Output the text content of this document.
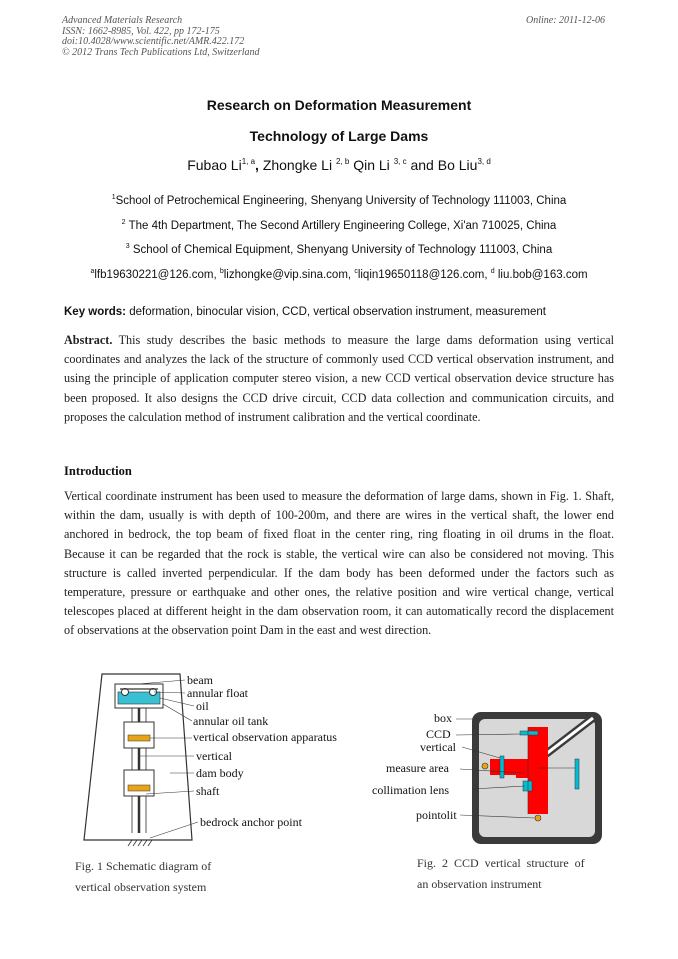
Advanced Materials Research
ISSN: 1662-8985, Vol. 422, pp 172-175
doi:10.4028/www.scientific.net/AMR.422.172
© 2012 Trans Tech Publications Ltd, Switzerland
Online: 2011-12-06
Research on Deformation Measurement
Technology of Large Dams
Fubao Li$^{1, a}$, Zhongke Li $^{2, b}$ Qin Li $^{3, c}$ and Bo Liu$^{3, d}$
$^1$School of Petrochemical Engineering, Shenyang University of Technology 111003, China
$^2$ The 4th Department, The Second Artillery Engineering College, Xi'an 710025, China
$^3$ School of Chemical Equipment, Shenyang University of Technology 111003, China
$^a$lfb19630221@126.com, $^b$lizhongke@vip.sina.com, $^c$liqin19650118@126.com, $^d$ liu.bob@163.com
Key words: deformation, binocular vision, CCD, vertical observation instrument, measurement
Abstract. This study describes the basic methods to measure the large dams deformation using vertical coordinates and analyzes the lack of the structure of commonly used CCD vertical observation instrument, and using the principle of application computer stereo vision, a new CCD vertical observation device structure has been proposed. It also designs the CCD drive circuit, CCD data collection and communication circuits, and proposes the calculation method of instrument calibration and the vertical coordinate.
Introduction
Vertical coordinate instrument has been used to measure the deformation of large dams, shown in Fig. 1. Shaft, within the dam, usually is with depth of 100-200m, and there are wires in the vertical shaft, the lower end anchored in bedrock, the top beam of fixed float in the center ring, ring floating in oil drums in the float. Because it can be regarded that the rock is stable, the vertical wire can also be considered not moving. This structure is called inverted perpendicular. If the dam body has been deformed under the factors such as temperature, pressure or earthquake and other ones, the relative position and wire vertical change, vertical telescopes placed at different height in the dam observation room, it can automatically record the displacement of observations at the observation point Dam in the east and west direction.
beam
annular float
oil
annular oil tank
vertical observation apparatus
vertical
dam body
shaft
bedrock anchor point
Fig. 1 Schematic diagram of
vertical observation system
box
CCD
vertical
measure area
collimation lens
pointolit
Fig.  2  CCD  vertical  structure  of
an observation instrument
